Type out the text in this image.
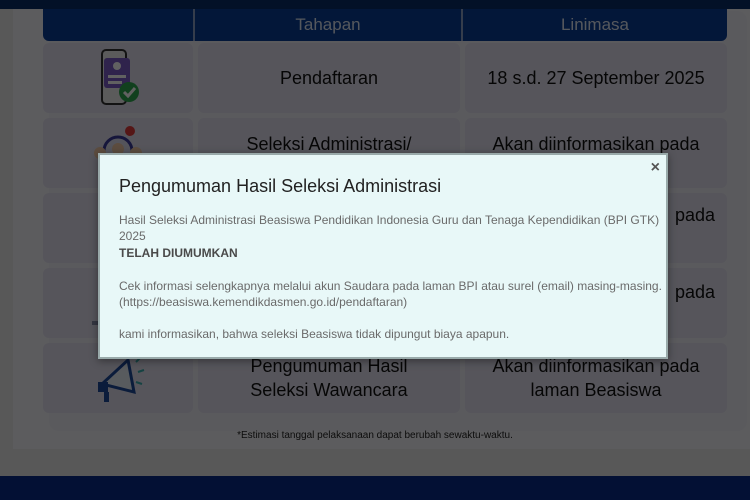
×
Pengumuman Hasil Seleksi Administrasi

Hasil Seleksi Administrasi Beasiswa Pendidikan Indonesia Guru dan Tenaga Kependidikan (BPI GTK) 2025

TELAH DIUMUMKAN

Cek informasi selengkapnya melalui akun Saudara pada laman BPI atau surel (email) masing-masing.
(https://beasiswa.kemendikdasmen.go.id/pendaftaran)

kami informasikan, bahwa seleksi Beasiswa tidak dipungut biaya apapun.
